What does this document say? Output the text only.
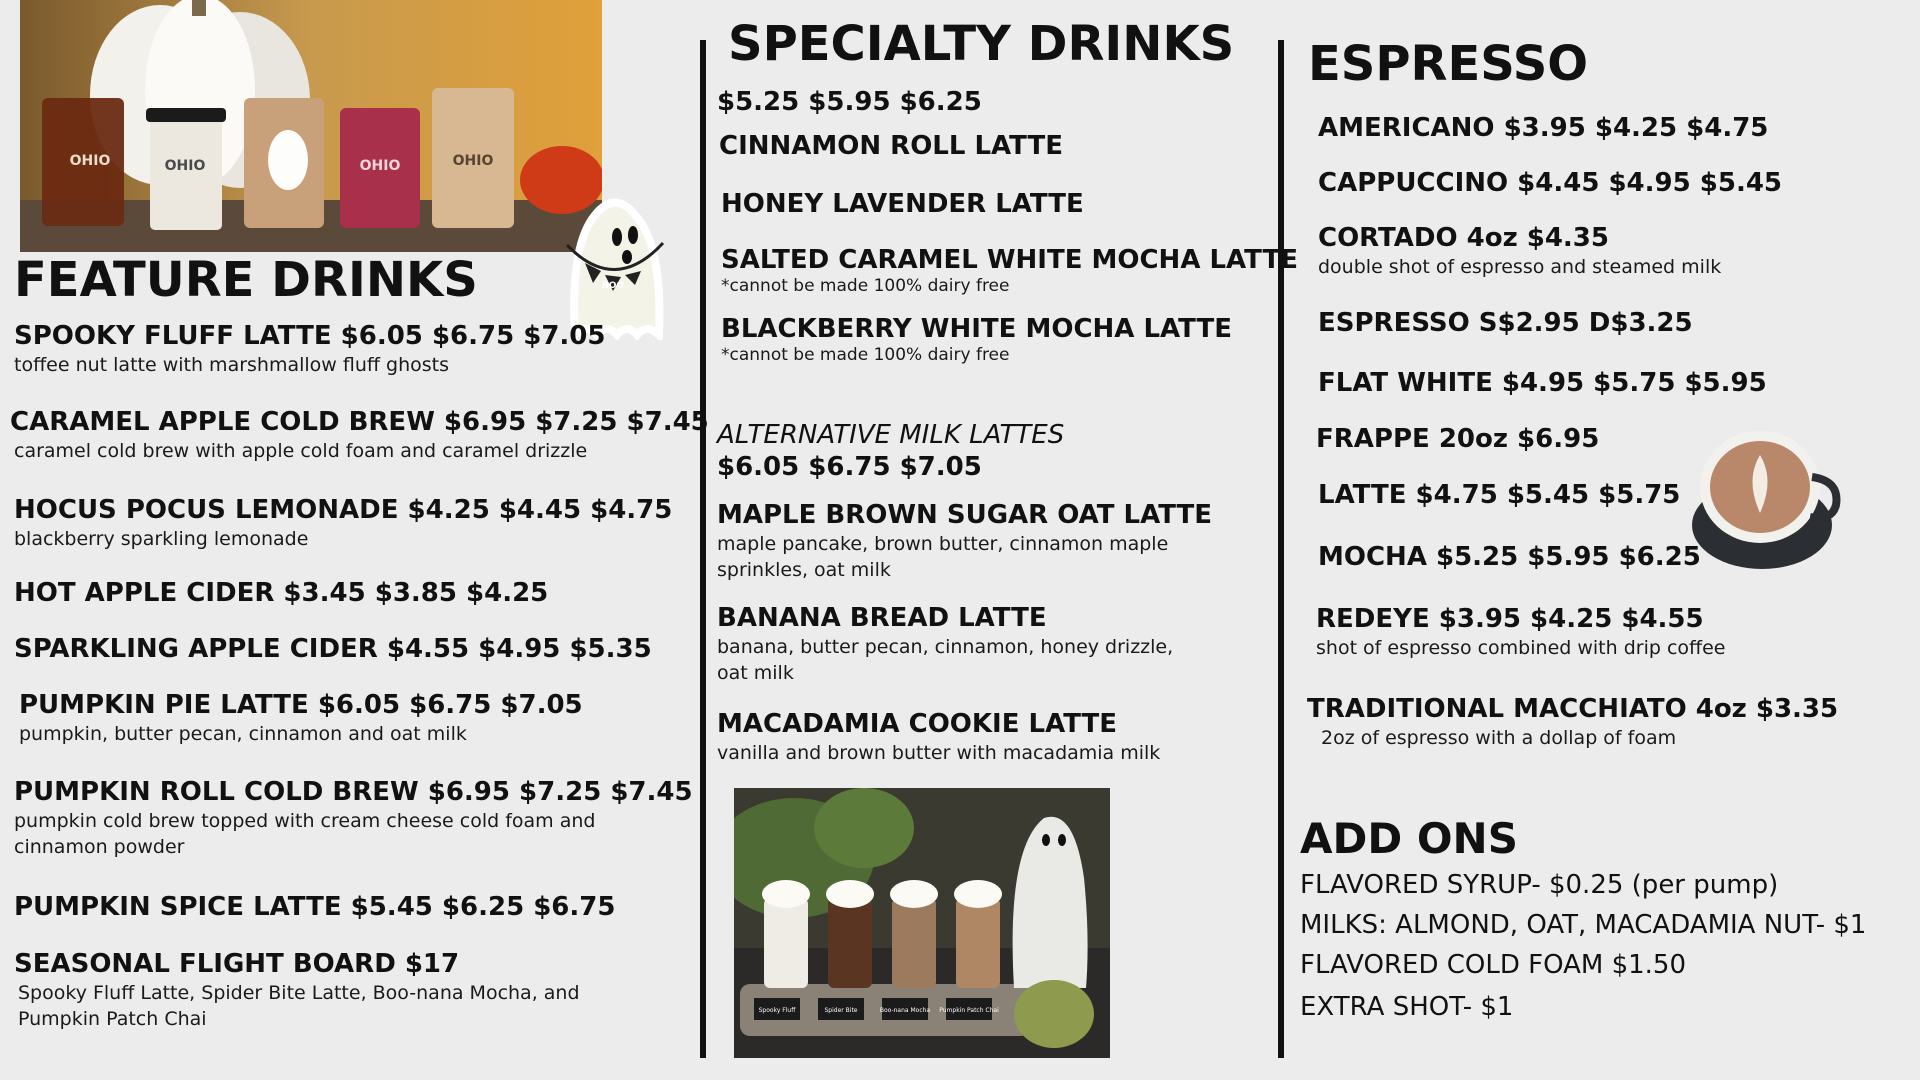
OHIO	OHIO	OHIO	OHIO
BOO
Spooky Fluff	Spider Bite	Boo-nana Mocha Pumpkin Patch Chai
FEATURE DRINKS
SPOOKY FLUFF LATTE $6.05 $6.75 $7.05
toffee nut latte with marshmallow fluff ghosts
CARAMEL APPLE COLD BREW $6.95 $7.25 $7.45
caramel cold brew with apple cold foam and caramel drizzle
HOCUS POCUS LEMONADE $4.25 $4.45 $4.75
blackberry sparkling lemonade
HOT APPLE CIDER $3.45 $3.85 $4.25
SPARKLING APPLE CIDER $4.55 $4.95 $5.35
PUMPKIN PIE LATTE $6.05 $6.75 $7.05
pumpkin, butter pecan, cinnamon and oat milk
PUMPKIN ROLL COLD BREW $6.95 $7.25 $7.45
pumpkin cold brew topped with cream cheese cold foam and cinnamon powder
PUMPKIN SPICE LATTE $5.45 $6.25 $6.75
SEASONAL FLIGHT BOARD $17
Spooky Fluff Latte, Spider Bite Latte, Boo-nana Mocha, and Pumpkin Patch Chai
SPECIALTY DRINKS
$5.25 $5.95 $6.25
CINNAMON ROLL LATTE
HONEY LAVENDER LATTE
SALTED CARAMEL WHITE MOCHA LATTE
*cannot be made 100% dairy free
BLACKBERRY WHITE MOCHA LATTE
*cannot be made 100% dairy free
ALTERNATIVE MILK LATTES
$6.05 $6.75 $7.05
MAPLE BROWN SUGAR OAT LATTE
maple pancake, brown butter, cinnamon maple sprinkles, oat milk
BANANA BREAD LATTE
banana, butter pecan, cinnamon, honey drizzle, oat milk
MACADAMIA COOKIE LATTE
vanilla and brown butter with macadamia milk
ESPRESSO
AMERICANO $3.95 $4.25 $4.75
CAPPUCCINO $4.45 $4.95 $5.45
CORTADO 4oz $4.35
double shot of espresso and steamed milk
ESPRESSO S$2.95 D$3.25
FLAT WHITE $4.95 $5.75 $5.95
FRAPPE 20oz $6.95
LATTE $4.75 $5.45 $5.75
MOCHA $5.25 $5.95 $6.25
REDEYE $3.95 $4.25 $4.55
shot of espresso combined with drip coffee
TRADITIONAL MACCHIATO 4oz $3.35
2oz of espresso with a dollap of foam
ADD ONS
FLAVORED SYRUP- $0.25 (per pump)
MILKS: ALMOND, OAT, MACADAMIA NUT- $1
FLAVORED COLD FOAM $1.50
EXTRA SHOT- $1
